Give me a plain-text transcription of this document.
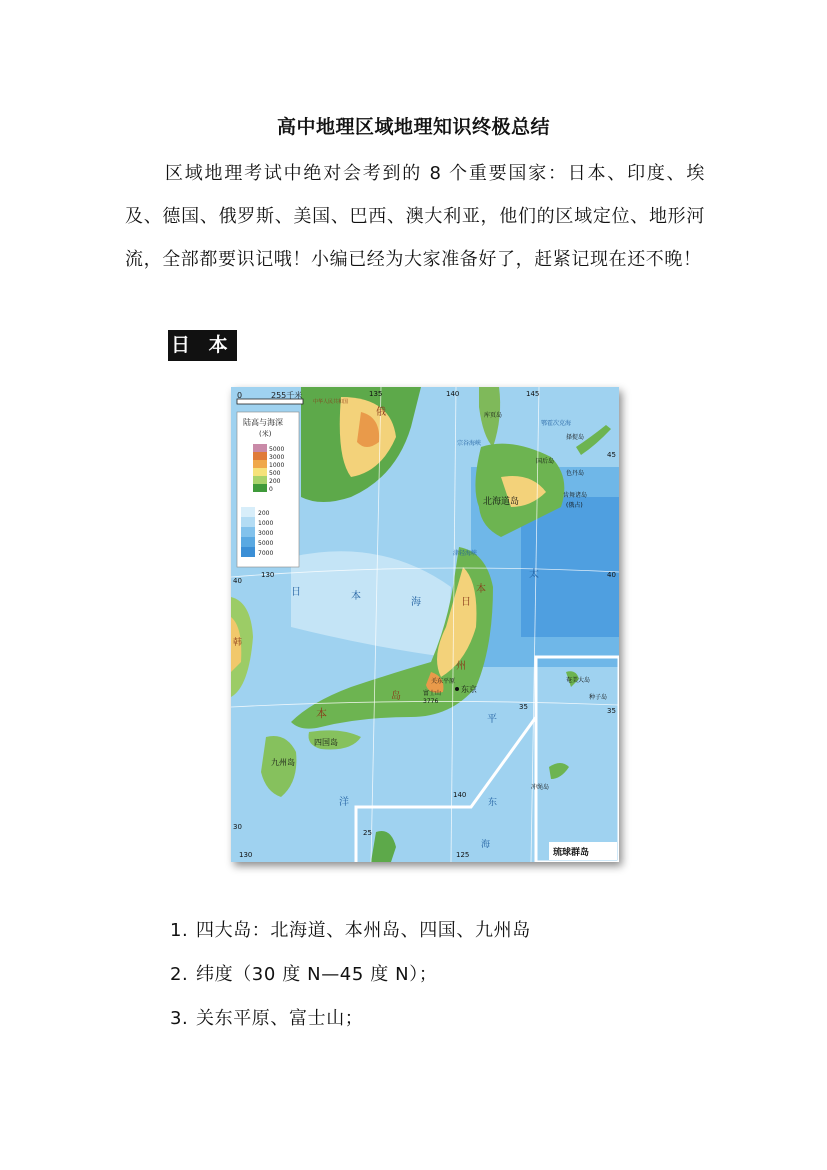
高中地理区域地理知识终极总结
区域地理考试中绝对会考到的 8 个重要国家：日本、印度、埃及、德国、俄罗斯、美国、巴西、澳大利亚，他们的区域定位、地形河流，全部都要识记哦！小编已经为大家准备好了，赶紧记现在还不晚！
日 本
0	255千米
陆高与海深
(米)
5000
3000
1000
500
200
0
200
1000
3000
5000
7000
北海道岛
本
州
岛
日
本
四国岛
九州岛
东京
关东平原
富士山
3776
日	本
海
太
平
洋
琉球群岛
冲绳岛
种子岛
奄美大岛
择捉岛
国后岛
色丹岛
齿舞诸岛
(俄占)
俄	库页岛
宗谷海峡
津轻海峡
韩
中华人民共和国
鄂霍次克海
东
海
135	140	145
130
140
125
130
45
40
40
35
30
25
35
1. 四大岛：北海道、本州岛、四国、九州岛
2. 纬度（30 度 N—45 度 N）；
3. 关东平原、富士山；
